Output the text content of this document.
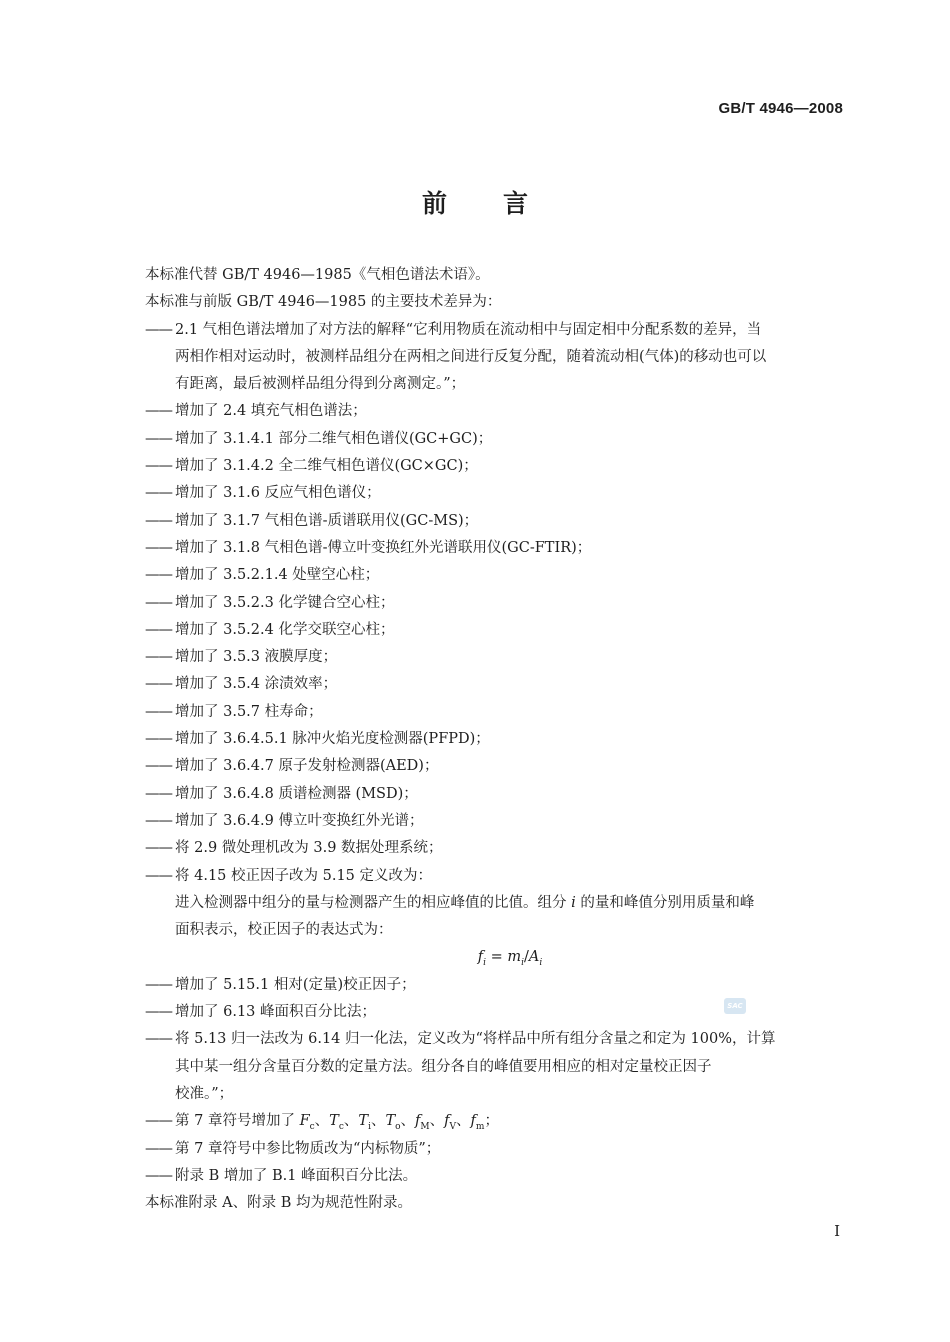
GB/T 4946—2008
前 言
本标准代替 GB/T 4946—1985《气相色谱法术语》。
本标准与前版 GB/T 4946—1985 的主要技术差异为：
—— 2.1 气相色谱法增加了对方法的解释“它利用物质在流动相中与固定相中分配系数的差异，当
两相作相对运动时，被测样品组分在两相之间进行反复分配，随着流动相(气体)的移动也可以
有距离，最后被测样品组分得到分离测定。”；
—— 增加了 2.4 填充气相色谱法；
—— 增加了 3.1.4.1 部分二维气相色谱仪(GC+GC)；
—— 增加了 3.1.4.2 全二维气相色谱仪(GC×GC)；
—— 增加了 3.1.6 反应气相色谱仪；
—— 增加了 3.1.7 气相色谱-质谱联用仪(GC-MS)；
—— 增加了 3.1.8 气相色谱-傅立叶变换红外光谱联用仪(GC-FTIR)；
—— 增加了 3.5.2.1.4 处壁空心柱；
—— 增加了 3.5.2.3 化学键合空心柱；
—— 增加了 3.5.2.4 化学交联空心柱；
—— 增加了 3.5.3 液膜厚度；
—— 增加了 3.5.4 涂渍效率；
—— 增加了 3.5.7 柱寿命；
—— 增加了 3.6.4.5.1 脉冲火焰光度检测器(PFPD)；
—— 增加了 3.6.4.7 原子发射检测器(AED)；
—— 增加了 3.6.4.8 质谱检测器 (MSD)；
—— 增加了 3.6.4.9 傅立叶变换红外光谱；
—— 将 2.9 微处理机改为 3.9 数据处理系统；
—— 将 4.15 校正因子改为 5.15 定义改为：
进入检测器中组分的量与检测器产生的相应峰值的比值。组分 i 的量和峰值分别用质量和峰
面积表示，校正因子的表达式为：
$f_i = m_i/A_i$
—— 增加了 5.15.1 相对(定量)校正因子；
—— 增加了 6.13 峰面积百分比法；
—— 将 5.13 归一法改为 6.14 归一化法，定义改为“将样品中所有组分含量之和定为 100%，计算
其中某一组分含量百分数的定量方法。组分各自的峰值要用相应的相对定量校正因子
校准。”；
—— 第 7 章符号增加了 $F_c$、$T_c$、$T_i$、$T_o$、$f_M$、$f_V$、$f_m$；
—— 第 7 章符号中参比物质改为“内标物质”；
—— 附录 B 增加了 B.1 峰面积百分比法。
本标准附录 A、附录 B 均为规范性附录。
SAC
I
